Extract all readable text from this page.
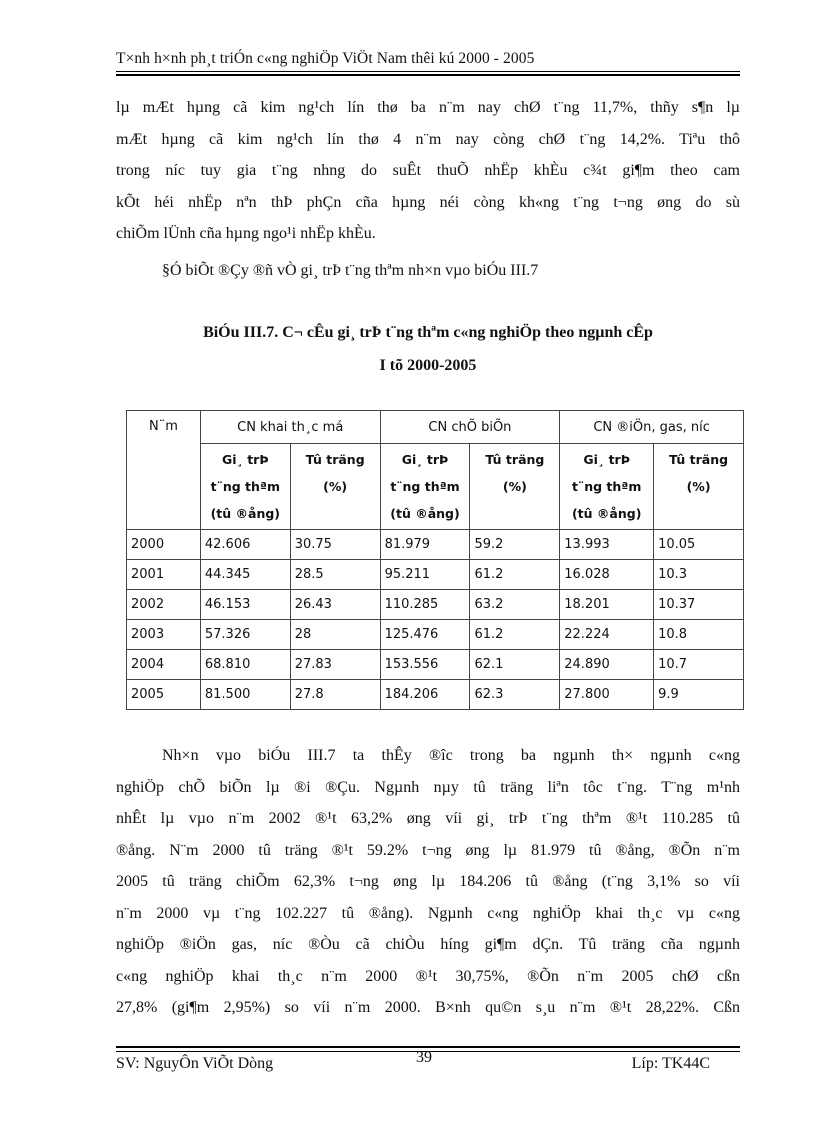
T×nh h×nh ph¸t triÓn c«ng nghiÖp ViÖt Nam thêi kú 2000 - 2005
lµ mÆt hµng cã kim ng¹ch lín thø ba n¨m nay chØ t¨ng 11,7%, thñy s¶n lµ
mÆt hµng cã kim ng¹ch lín thø 4 n¨m nay còng chØ t¨ng 14,2%. Tiªu thô
trong níc tuy gia t¨ng nhng do suÊt thuÕ nhËp khÈu c¾t gi¶m theo cam
kÕt héi nhËp nªn thÞ phÇn cña hµng néi còng kh«ng t¨ng t¬ng øng do sù
chiÕm lÜnh cña hµng ngo¹i nhËp khÈu.
§Ó biÕt ®Çy ®ñ vÒ gi¸ trÞ t¨ng thªm nh×n vµo biÓu III.7
BiÓu III.7. C¬ cÊu gi¸ trÞ t¨ng thªm c«ng nghiÖp theo ngµnh cÊp
I tõ 2000-2005
N¨m	CN khai th¸c má		CN chÕ biÕn		CN ®iÖn, gas, níc	
	Gi¸ trÞ
t¨ng thªm
(tû ®ång)	Tû träng
(%)	Gi¸ trÞ
t¨ng thªm
(tû ®ång)	Tû träng
(%)	Gi¸ trÞ
t¨ng thªm
(tû ®ång)	Tû träng
(%)
2000	42.606	30.75	81.979	59.2	13.993	10.05
2001	44.345	28.5	95.211	61.2	16.028	10.3
2002	46.153	26.43	110.285	63.2	18.201	10.37
2003	57.326	28	125.476	61.2	22.224	10.8
2004	68.810	27.83	153.556	62.1	24.890	10.7
2005	81.500	27.8	184.206	62.3	27.800	9.9
Nh×n vµo biÓu III.7 ta thÊy ®îc trong ba ngµnh th× ngµnh c«ng
nghiÖp chÕ biÕn lµ ®i ®Çu. Ngµnh nµy tû träng liªn tôc t¨ng. T¨ng m¹nh
nhÊt lµ vµo n¨m 2002 ®¹t 63,2% øng víi gi¸ trÞ t¨ng thªm ®¹t 110.285 tû
®ång. N¨m 2000 tû träng ®¹t 59.2% t¬ng øng lµ 81.979 tû ®ång, ®Õn n¨m
2005 tû träng chiÕm 62,3% t¬ng øng lµ 184.206 tû ®ång (t¨ng 3,1% so víi
n¨m 2000 vµ t¨ng 102.227 tû ®ång). Ngµnh c«ng nghiÖp khai th¸c vµ c«ng
nghiÖp ®iÖn gas, níc ®Òu cã chiÒu híng gi¶m dÇn. Tû träng cña ngµnh
c«ng nghiÖp khai th¸c n¨m 2000 ®¹t 30,75%, ®Õn n¨m 2005 chØ cßn
27,8% (gi¶m 2,95%) so víi n¨m 2000. B×nh qu©n s¸u n¨m ®¹t 28,22%. Cßn
SV: NguyÔn ViÕt Dòng	39	Líp: TK44C
